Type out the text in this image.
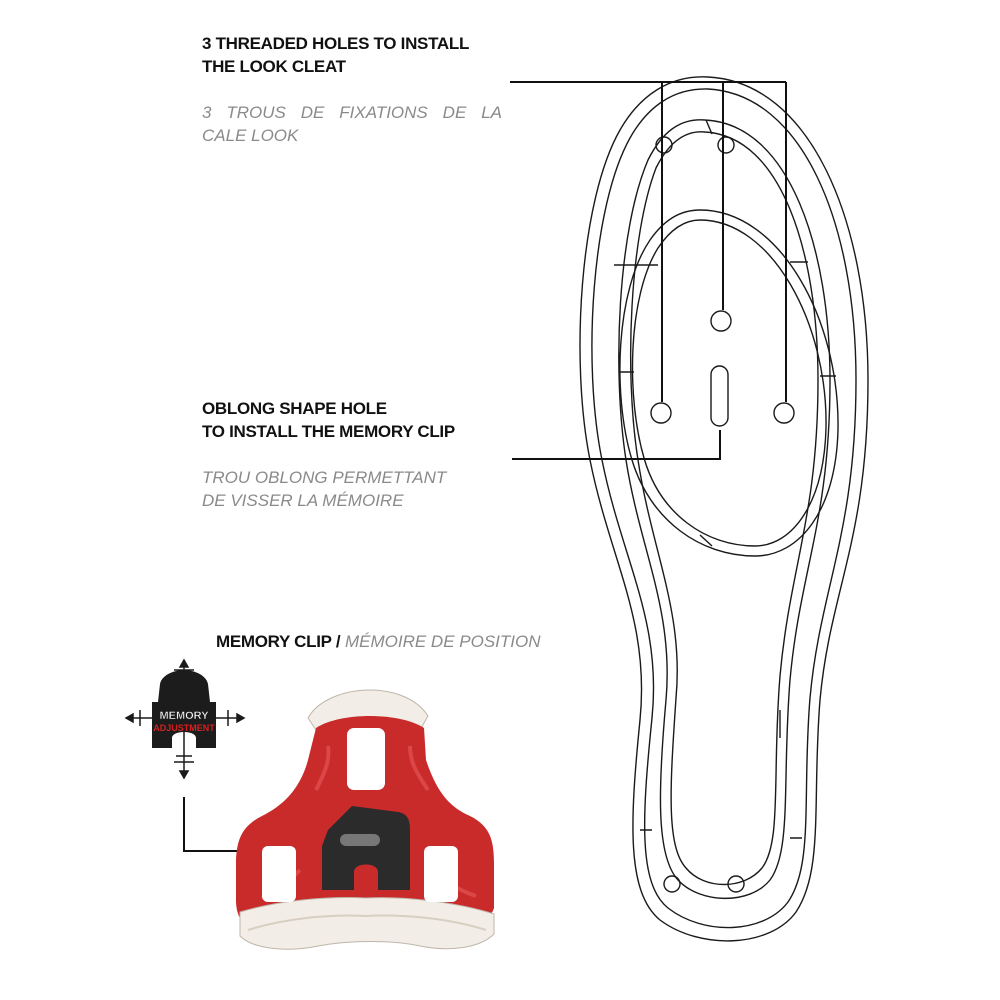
3 THREADED HOLES TO INSTALL
THE LOOK CLEAT
3 TROUS DE FIXATIONS DE LA
CALE LOOK
OBLONG SHAPE HOLE
TO INSTALL THE MEMORY CLIP
TROU OBLONG PERMETTANT
DE VISSER LA MÉMOIRE
MEMORY CLIP / MÉMOIRE DE POSITION
MEMORY
ADJUSTMENT
